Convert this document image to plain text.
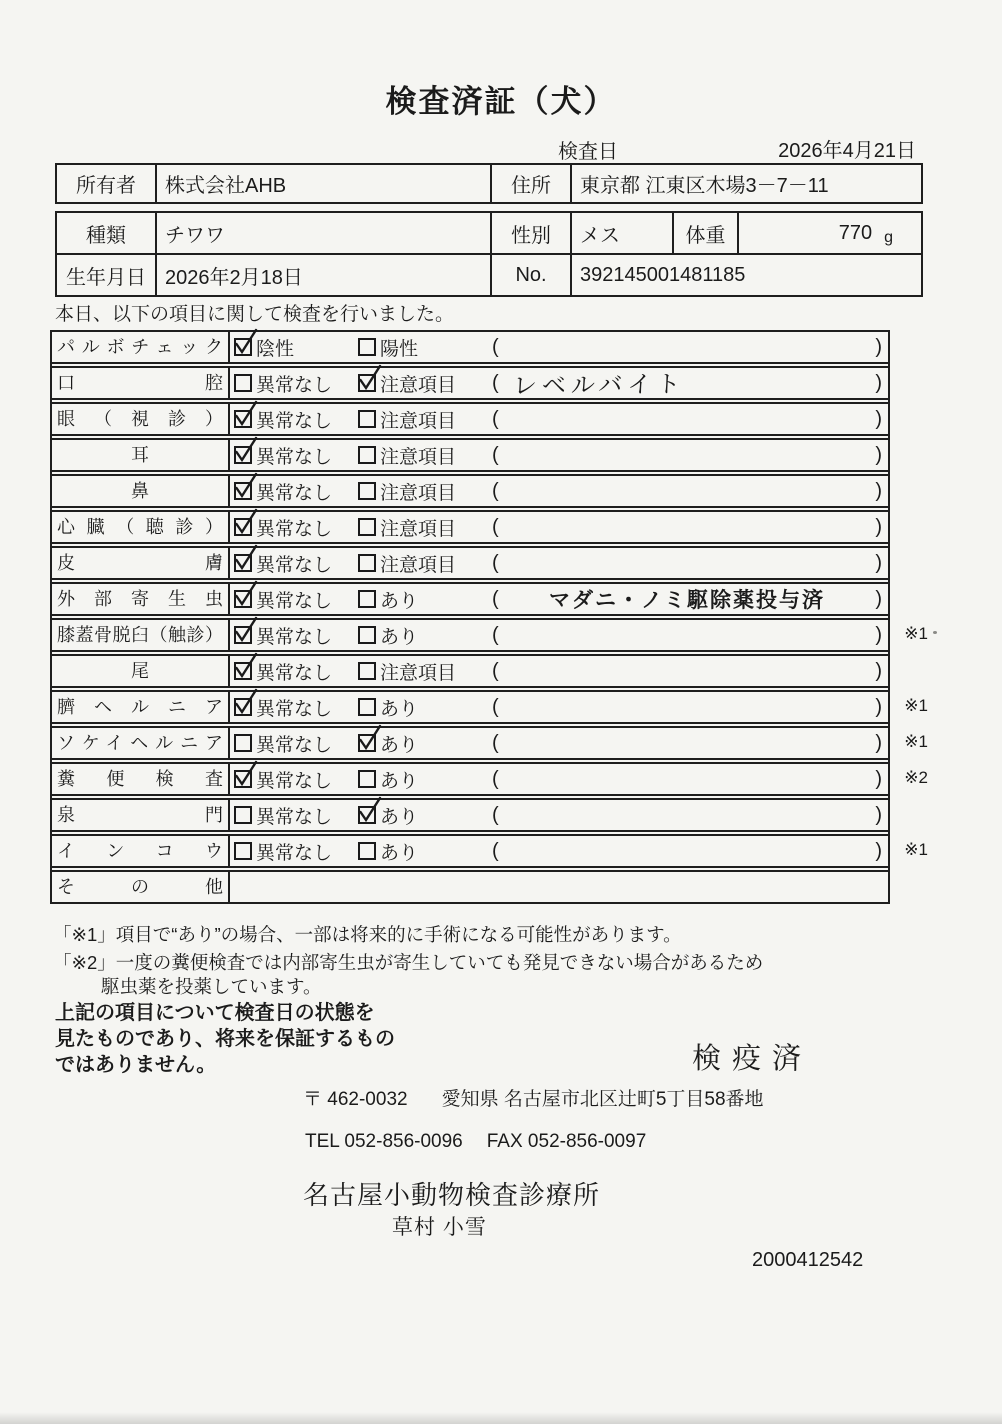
検査済証（犬）
検査日	2026年4月21日
所有者	株式会社AHB	住所	東京都 江東区木場3－7－11
種類	チワワ	性別	メス	体重	770 g
生年月日 2026年2月18日	No.	392145001481185
本日、以下の項目に関して検査を行いました。
パルボチェック	陰性	陽性	(	)
口腔	異常なし	注意項目 ( レベルバイト	)
眼（視診）	異常なし	注意項目 (	)
耳	異常なし	注意項目 (	)
鼻	異常なし	注意項目 (	)
心臓（聴診）	異常なし	注意項目 (	)
皮膚	異常なし	注意項目 (	)
外部寄生虫	異常なし	あり	(	マダニ・ノミ駆除薬投与済	)
膝蓋骨脱臼（触診）	異常なし	あり	(	) ※1
尾	異常なし	注意項目 (	)
臍ヘルニア	異常なし	あり	(	) ※1
ソケイヘルニア	異常なし	あり	(	) ※1
糞便検査	異常なし	あり	(	) ※2
泉門	異常なし	あり	(	)
インコウ	異常なし	あり	(	) ※1
その他
「※1」項目で“あり”の場合、一部は将来的に手術になる可能性があります。
「※2」一度の糞便検査では内部寄生虫が寄生していても発見できない場合があるため
駆虫薬を投薬しています。
上記の項目について検査日の状態を
見たものであり、将来を保証するもの
ではありません。	検疫済
〒 462-0032 愛知県 名古屋市北区辻町5丁目58番地
TEL 052-856-0096 FAX 052-856-0097
名古屋小動物検査診療所
草村 小雪
2000412542
